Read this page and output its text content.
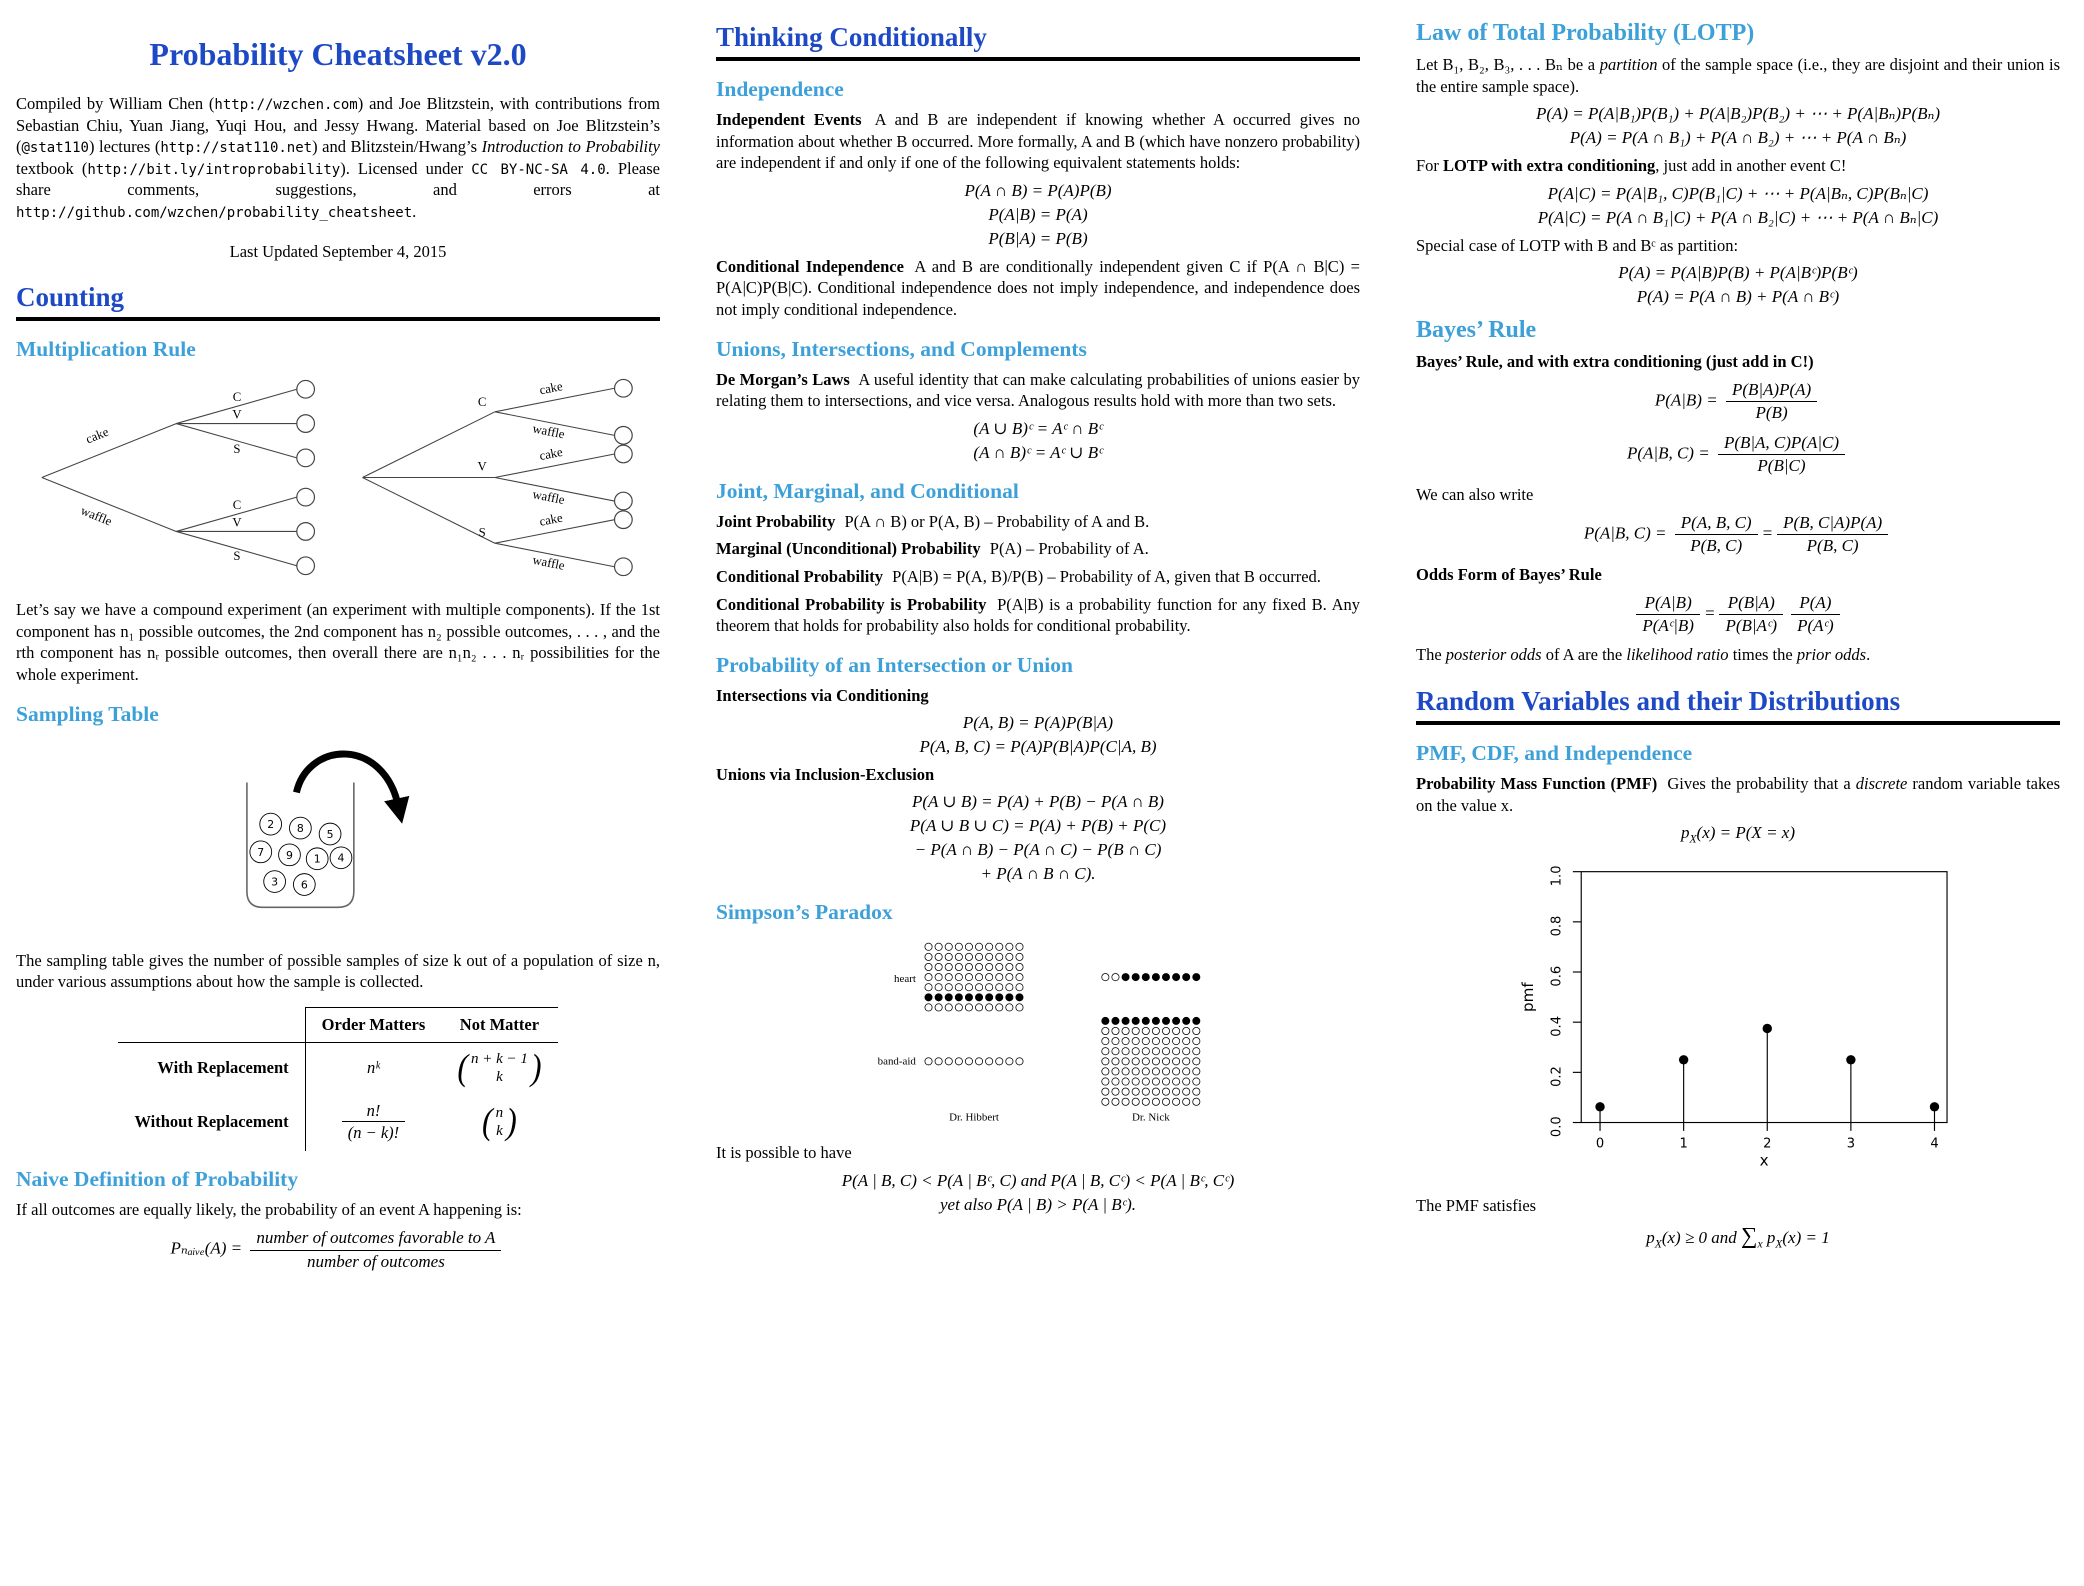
Probability Cheatsheet v2.0

Compiled by William Chen (http://wzchen.com) and Joe Blitzstein, with contributions from Sebastian Chiu, Yuan Jiang, Yuqi Hou, and Jessy Hwang. Material based on Joe Blitzstein’s (@stat110) lectures (http://stat110.net) and Blitzstein/Hwang’s Introduction to Probability textbook (http://bit.ly/introprobability). Licensed under CC BY-NC-SA 4.0. Please share comments, suggestions, and errors at http://github.com/wzchen/probability_cheatsheet.

Last Updated September 4, 2015

Counting
Multiplication Rule
cake
waffle
C
V
S
C
V
S
C
V
S
cake
waffle
cake
waffle
cake
waffle

Let’s say we have a compound experiment (an experiment with multiple components). If the 1st component has n₁ possible outcomes, the 2nd component has n₂ possible outcomes, . . . , and the rth component has nᵣ possible outcomes, then overall there are n₁n₂ . . . nᵣ possibilities for the whole experiment.

Sampling Table
2 8 5
7 9 1 4
3 6

The sampling table gives the number of possible samples of size k out of a population of size n, under various assumptions about how the sample is collected.

	Order Matters	Not Matter
With Replacement	nᵏ	( n + k − 1
k )

Without Replacement	$\frac{n!}{(n - k)!}$	( n
k )
Naive Definition of Probability

If all outcomes are equally likely, the probability of an event A happening is:

Pₙₐᵢᵥₑ(A) = $\frac{\text{number of outcomes favorable to A}}{\text{number of outcomes}}$
Thinking Conditionally
Independence

Independent Events A and B are independent if knowing whether A occurred gives no information about whether B occurred. More formally, A and B (which have nonzero probability) are independent if and only if one of the following equivalent statements holds:

P(A ∩ B) = P(A)P(B)
P(A|B) = P(A)
P(B|A) = P(B)

Conditional Independence A and B are conditionally independent given C if P(A ∩ B|C) = P(A|C)P(B|C). Conditional independence does not imply independence, and independence does not imply conditional independence.

Unions, Intersections, and Complements

De Morgan’s Laws A useful identity that can make calculating probabilities of unions easier by relating them to intersections, and vice versa. Analogous results hold with more than two sets.

(A ∪ B)ᶜ = Aᶜ ∩ Bᶜ
(A ∩ B)ᶜ = Aᶜ ∪ Bᶜ
Joint, Marginal, and Conditional

Joint Probability P(A ∩ B) or P(A, B) – Probability of A and B.

Marginal (Unconditional) Probability P(A) – Probability of A.

Conditional Probability P(A|B) = P(A, B)/P(B) – Probability of A, given that B occurred.

Conditional Probability is Probability P(A|B) is a probability function for any fixed B. Any theorem that holds for probability also holds for conditional probability.

Probability of an Intersection or Union
Intersections via Conditioning
P(A, B) = P(A)P(B|A)
P(A, B, C) = P(A)P(B|A)P(C|A, B)
Unions via Inclusion-Exclusion
P(A ∪ B) = P(A) + P(B) − P(A ∩ B)
P(A ∪ B ∪ C) = P(A) + P(B) + P(C)
− P(A ∩ B) − P(A ∩ C) − P(B ∩ C)
+ P(A ∩ B ∩ C).
Simpson’s Paradox
heart
band-aid
Dr. Hibbert	Dr. Nick

It is possible to have

P(A | B, C) < P(A | Bᶜ, C) and P(A | B, Cᶜ) < P(A | Bᶜ, Cᶜ)
yet also P(A | B) > P(A | Bᶜ).
Law of Total Probability (LOTP)

Let B₁, B₂, B₃, . . . Bₙ be a partition of the sample space (i.e., they are disjoint and their union is the entire sample space).

P(A) = P(A|B₁)P(B₁) + P(A|B₂)P(B₂) + ⋯ + P(A|Bₙ)P(Bₙ)
P(A) = P(A ∩ B₁) + P(A ∩ B₂) + ⋯ + P(A ∩ Bₙ)

For LOTP with extra conditioning, just add in another event C!

P(A|C) = P(A|B₁, C)P(B₁|C) + ⋯ + P(A|Bₙ, C)P(Bₙ|C)
P(A|C) = P(A ∩ B₁|C) + P(A ∩ B₂|C) + ⋯ + P(A ∩ Bₙ|C)

Special case of LOTP with B and Bᶜ as partition:

P(A) = P(A|B)P(B) + P(A|Bᶜ)P(Bᶜ)
P(A) = P(A ∩ B) + P(A ∩ Bᶜ)
Bayes’ Rule
Bayes’ Rule, and with extra conditioning (just add in C!)
$P(A|B) = \frac{P(B|A)P(A)}{P(B)}$
P(A|B, $C) = \frac{P(B|A, C)P(A|C)}{P(B|C)}$

We can also write

P(A|B, $C) = \frac{P(A, B, C)}{P(B, C)} = \frac{P(B, C|A)P(A)}{P(B, C)}$
Odds Form of Bayes’ Rule
$\frac{P(A|B)}{\text{P(Aᶜ|B)}} = \frac{P(B|A)}{\text{P(B|Aᶜ)}} \frac{P(A)}{\text{P(Aᶜ)}}$

The posterior odds of A are the likelihood ratio times the prior odds.

Random Variables and their Distributions
PMF, CDF, and Independence

Probability Mass Function (PMF) Gives the probability that a discrete random variable takes on the value x.

$p_X(x) = P(X = x)$
0.0
0.2
0.4
0.6
0.8
1.0
0	1	2	3	4
pmf
x

The PMF satisfies

$p_X(x) \ge 0$ and $\sum_x$ $p_X(x) = 1$
